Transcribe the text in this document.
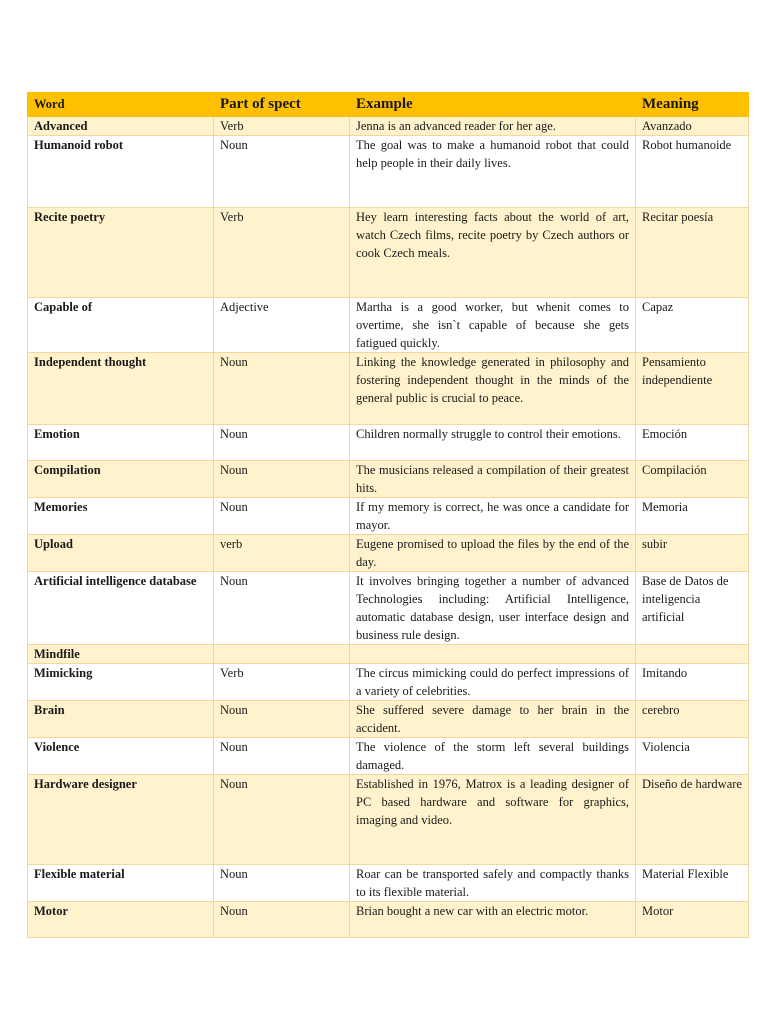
Word	Part of spect	Example	Meaning
Advanced	Verb	Jenna is an advanced reader for her age.	Avanzado
Humanoid robot	Noun	The goal was to make a humanoid robot that could help people in their daily lives.	Robot humanoide
Recite poetry	Verb	Hey learn interesting facts about the world of art, watch Czech films, recite poetry by Czech authors or cook Czech meals.	Recitar poesía
Capable of	Adjective	Martha is a good worker, but whenit comes to overtime, she isn`t capable of because she gets fatigued quickly.	Capaz
Independent thought	Noun	Linking the knowledge generated in philosophy and fostering independent thought in the minds of the general public is crucial to peace.	Pensamiento independiente
Emotion	Noun	Children normally struggle to control their emotions.	Emoción
Compilation	Noun	The musicians released a compilation of their greatest hits.	Compilación
Memories	Noun	If my memory is correct, he was once a candidate for mayor.	Memoria
Upload	verb	Eugene promised to upload the files by the end of the day.	subir
Artificial intelligence database	Noun	It involves bringing together a number of advanced Technologies including: Artificial Intelligence, automatic database design, user interface design and business rule design.	Base de Datos de inteligencia artificial
Mindfile			
Mimicking	Verb	The circus mimicking could do perfect impressions of a variety of celebrities.	Imitando
Brain	Noun	She suffered severe damage to her brain in the accident.	cerebro
Violence	Noun	The violence of the storm left several buildings damaged.	Violencia
Hardware designer	Noun	Established in 1976, Matrox is a leading designer of PC based hardware and software for graphics, imaging and video.	Diseño de hardware
Flexible material	Noun	Roar can be transported safely and compactly thanks to its flexible material.	Material Flexible
Motor	Noun	Brian bought a new car with an electric motor.	Motor
